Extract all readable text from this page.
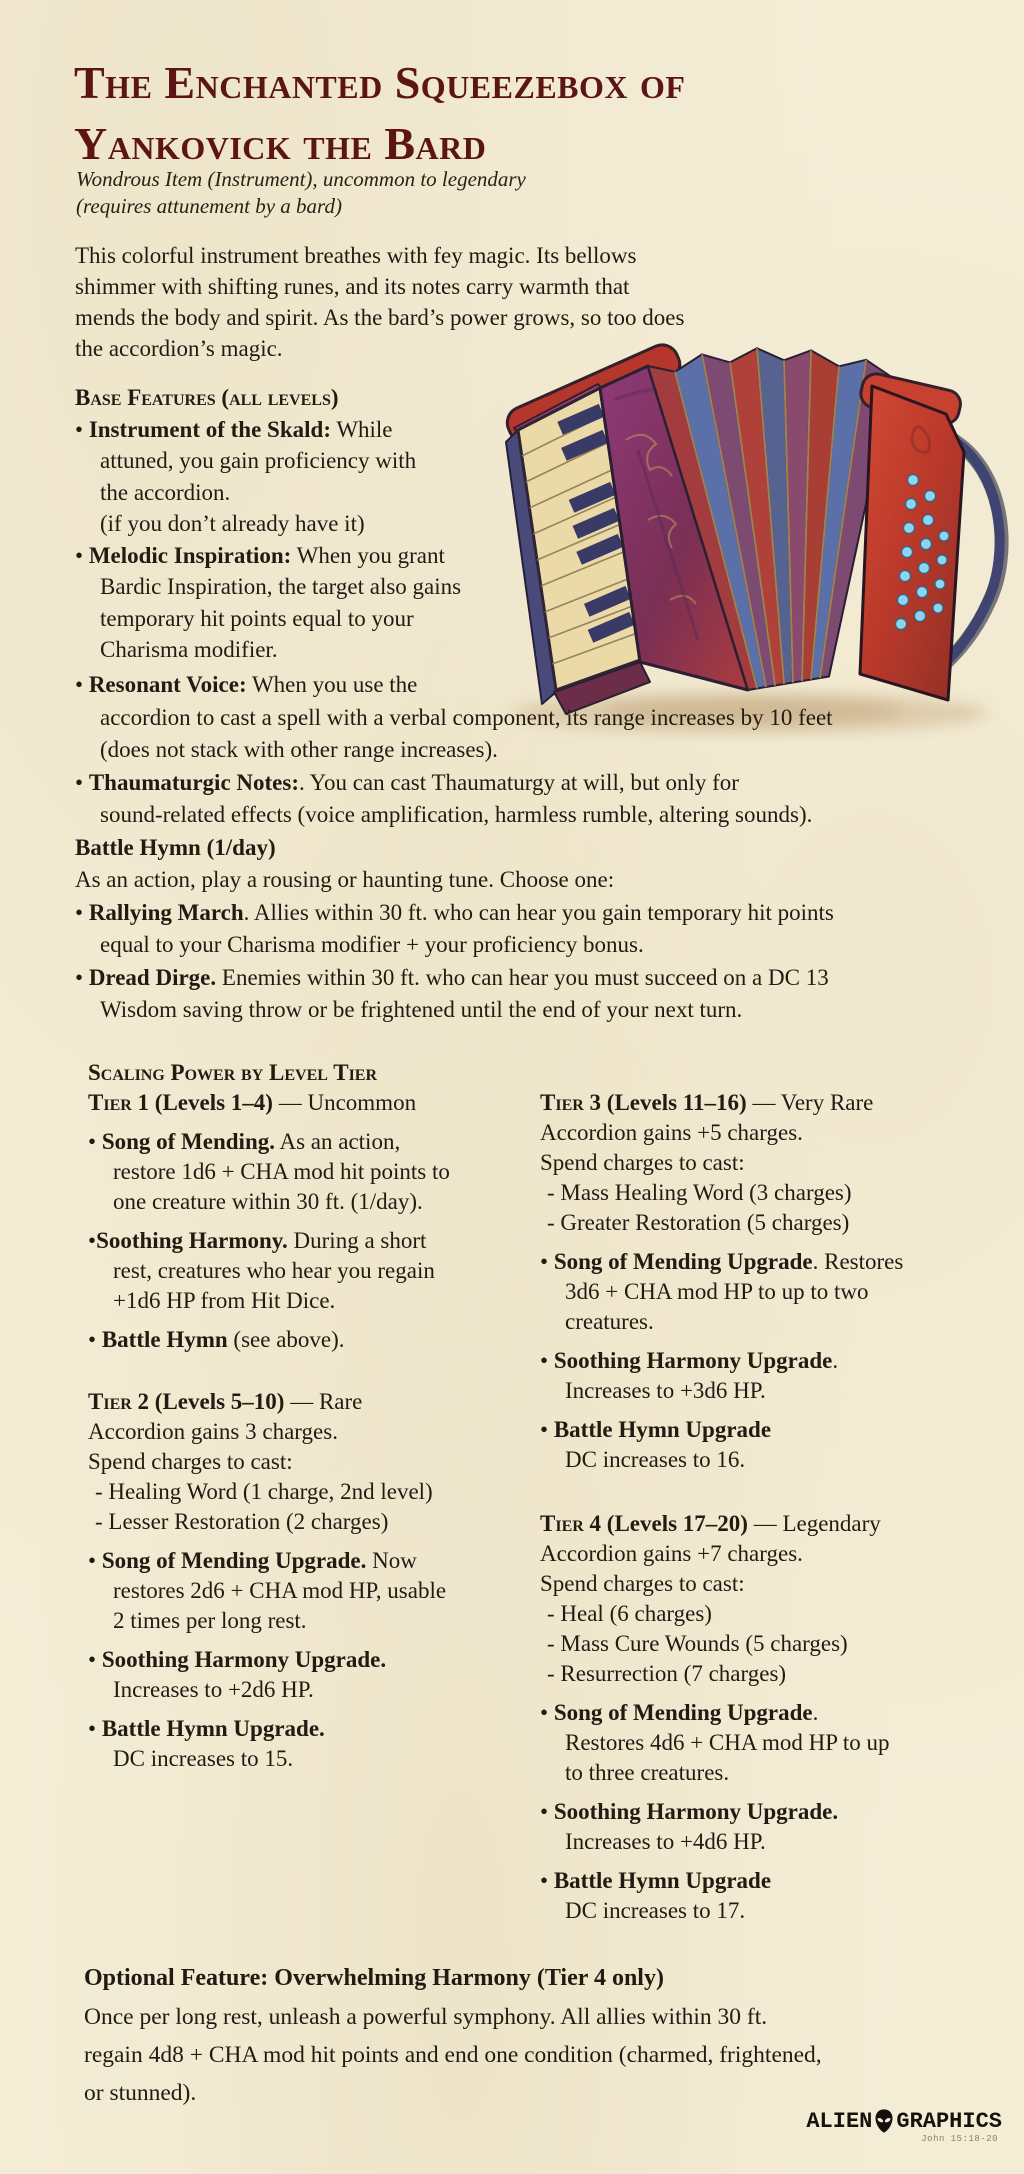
The Enchanted Squeezebox of
Yankovick the Bard
Wondrous Item (Instrument), uncommon to legendary
(requires attunement by a bard)
This colorful instrument breathes with fey magic. Its bellows
shimmer with shifting runes, and its notes carry warmth that
mends the body and spirit. As the bard’s power grows, so too does
the accordion’s magic.
Base Features (all levels)
• Instrument of the Skald: While
attuned, you gain proficiency with
the accordion.
(if you don’t already have it)
• Melodic Inspiration: When you grant
Bardic Inspiration, the target also gains
temporary hit points equal to your
Charisma modifier.
• Resonant Voice: When you use the
accordion to cast a spell with a verbal component, its range increases by 10 feet
(does not stack with other range increases).
• Thaumaturgic Notes:. You can cast Thaumaturgy at will, but only for
sound-related effects (voice amplification, harmless rumble, altering sounds).
Battle Hymn (1/day)
As an action, play a rousing or haunting tune. Choose one:
• Rallying March. Allies within 30 ft. who can hear you gain temporary hit points
equal to your Charisma modifier + your proficiency bonus.
• Dread Dirge. Enemies within 30 ft. who can hear you must succeed on a DC 13
Wisdom saving throw or be frightened until the end of your next turn.
Scaling Power by Level Tier
Tier 1 (Levels 1–4) — Uncommon
• Song of Mending. As an action,
restore 1d6 + CHA mod hit points to
one creature within 30 ft. (1/day).
• Soothing Harmony. During a short
rest, creatures who hear you regain
+1d6 HP from Hit Dice.
• Battle Hymn (see above).
Tier 2 (Levels 5–10) — Rare
Accordion gains 3 charges.
Spend charges to cast:
- Healing Word (1 charge, 2nd level)
- Lesser Restoration (2 charges)
• Song of Mending Upgrade. Now
restores 2d6 + CHA mod HP, usable
2 times per long rest.
• Soothing Harmony Upgrade.
Increases to +2d6 HP.
• Battle Hymn Upgrade.
DC increases to 15.
Tier 3 (Levels 11–16) — Very Rare
Accordion gains +5 charges.
Spend charges to cast:
- Mass Healing Word (3 charges)
- Greater Restoration (5 charges)
• Song of Mending Upgrade. Restores
3d6 + CHA mod HP to up to two
creatures.
• Soothing Harmony Upgrade.
Increases to +3d6 HP.
• Battle Hymn Upgrade
DC increases to 16.
Tier 4 (Levels 17–20) — Legendary
Accordion gains +7 charges.
Spend charges to cast:
- Heal (6 charges)
- Mass Cure Wounds (5 charges)
- Resurrection (7 charges)
• Song of Mending Upgrade.
Restores 4d6 + CHA mod HP to up
to three creatures.
• Soothing Harmony Upgrade.
Increases to +4d6 HP.
• Battle Hymn Upgrade
DC increases to 17.
Optional Feature: Overwhelming Harmony (Tier 4 only)
Once per long rest, unleash a powerful symphony. All allies within 30 ft.
regain 4d8 + CHA mod hit points and end one condition (charmed, frightened,
or stunned).
ALIEN GRAPHICS
John 15:18-20
